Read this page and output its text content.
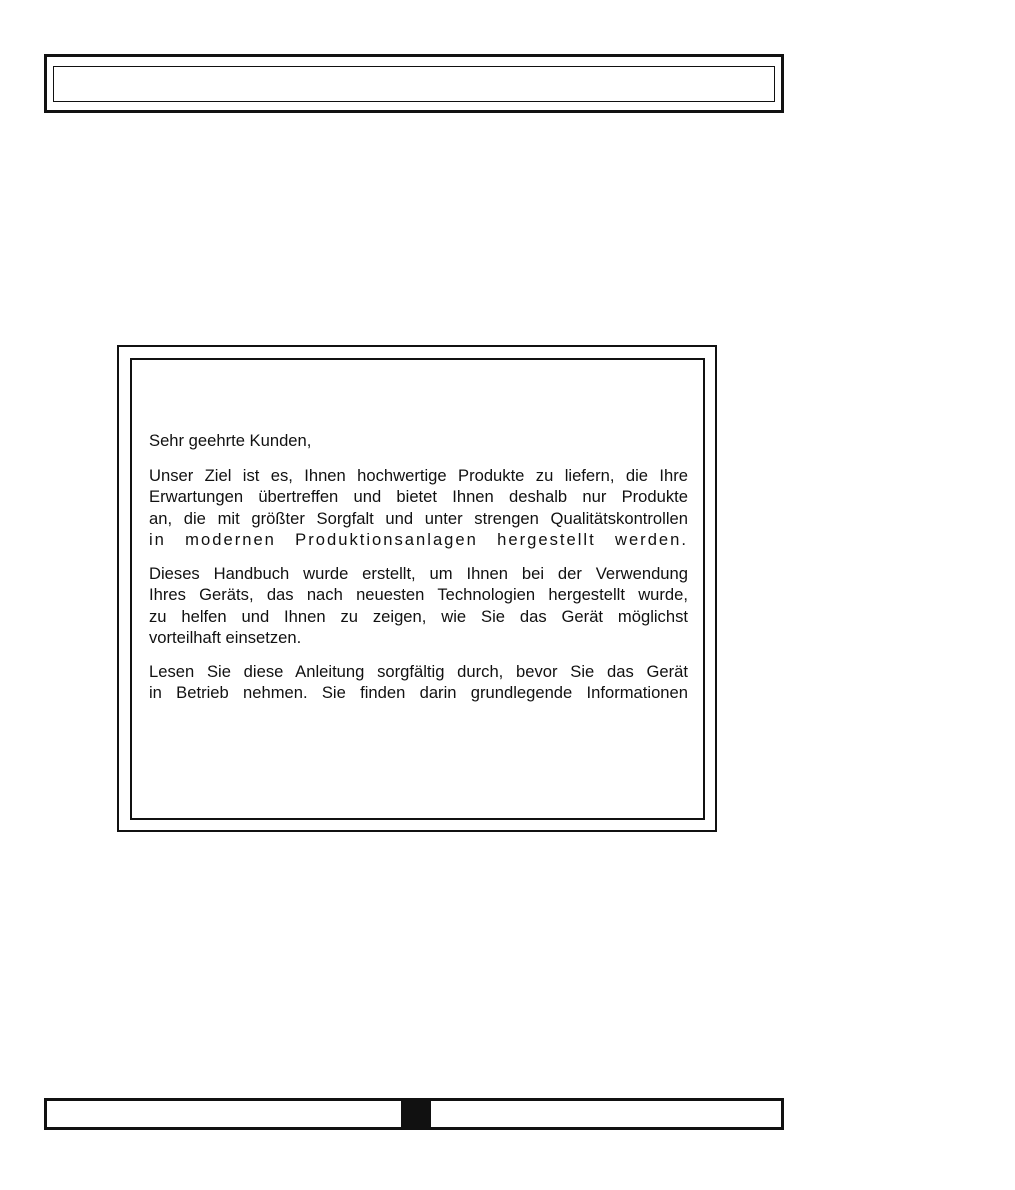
Sehr geehrte Kunden,

Unser Ziel ist es, Ihnen hochwertige Produkte zu liefern, die Ihre
Erwartungen übertreffen und bietet Ihnen deshalb nur Produkte
an, die mit größter Sorgfalt und unter strengen Qualitätskontrollen
in modernen Produktionsanlagen hergestellt werden.

Dieses Handbuch wurde erstellt, um Ihnen bei der Verwendung
Ihres Geräts, das nach neuesten Technologien hergestellt wurde,
zu helfen und Ihnen zu zeigen, wie Sie das Gerät möglichst
vorteilhaft einsetzen.

Lesen Sie diese Anleitung sorgfältig durch, bevor Sie das Gerät
in Betrieb nehmen. Sie finden darin grundlegende Informationen
